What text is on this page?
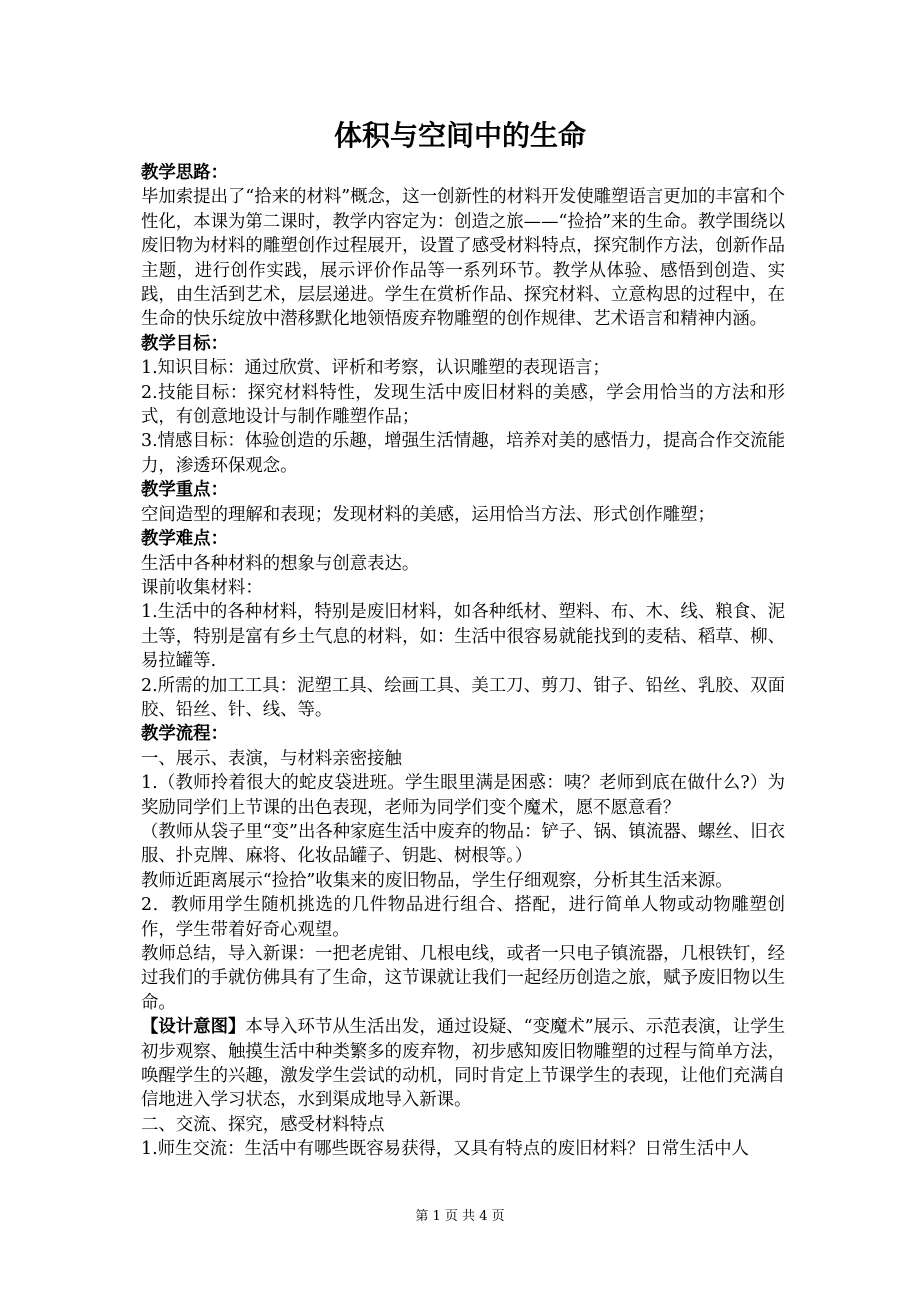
体积与空间中的生命
教学思路：

毕加索提出了“拾来的材料”概念，这一创新性的材料开发使雕塑语言更加的丰富和个性化，本课为第二课时，教学内容定为：创造之旅——“捡拾”来的生命。教学围绕以废旧物为材料的雕塑创作过程展开，设置了感受材料特点，探究制作方法，创新作品主题，进行创作实践，展示评价作品等一系列环节。教学从体验、感悟到创造、实践，由生活到艺术，层层递进。学生在赏析作品、探究材料、立意构思的过程中，在生命的快乐绽放中潜移默化地领悟废弃物雕塑的创作规律、艺术语言和精神内涵。

教学目标：

1.知识目标：通过欣赏、评析和考察，认识雕塑的表现语言；

2.技能目标：探究材料特性，发现生活中废旧材料的美感，学会用恰当的方法和形式，有创意地设计与制作雕塑作品；

3.情感目标：体验创造的乐趣，增强生活情趣，培养对美的感悟力，提高合作交流能力，渗透环保观念。

教学重点：

空间造型的理解和表现；发现材料的美感，运用恰当方法、形式创作雕塑；

教学难点：

生活中各种材料的想象与创意表达。

课前收集材料：

1.生活中的各种材料，特别是废旧材料，如各种纸材、塑料、布、木、线、粮食、泥土等，特别是富有乡土气息的材料，如：生活中很容易就能找到的麦秸、稻草、柳、易拉罐等.

2.所需的加工工具：泥塑工具、绘画工具、美工刀、剪刀、钳子、铅丝、乳胶、双面胶、铅丝、针、线、等。

教学流程：

一、展示、表演，与材料亲密接触

1.（教师拎着很大的蛇皮袋进班。学生眼里满是困惑：咦？老师到底在做什么?）为奖励同学们上节课的出色表现，老师为同学们变个魔术，愿不愿意看？

（教师从袋子里“变”出各种家庭生活中废弃的物品：铲子、锅、镇流器、螺丝、旧衣服、扑克牌、麻将、化妆品罐子、钥匙、树根等。）

教师近距离展示“捡拾”收集来的废旧物品，学生仔细观察，分析其生活来源。

2．教师用学生随机挑选的几件物品进行组合、搭配，进行简单人物或动物雕塑创作，学生带着好奇心观望。

教师总结，导入新课：一把老虎钳、几根电线，或者一只电子镇流器，几根铁钉，经过我们的手就仿佛具有了生命，这节课就让我们一起经历创造之旅，赋予废旧物以生命。

【设计意图】本导入环节从生活出发，通过设疑、“变魔术”展示、示范表演，让学生初步观察、触摸生活中种类繁多的废弃物，初步感知废旧物雕塑的过程与简单方法，唤醒学生的兴趣，激发学生尝试的动机，同时肯定上节课学生的表现，让他们充满自信地进入学习状态，水到渠成地导入新课。

二、交流、探究，感受材料特点

1.师生交流：生活中有哪些既容易获得，又具有特点的废旧材料？日常生活中人

第 1 页 共 4 页
